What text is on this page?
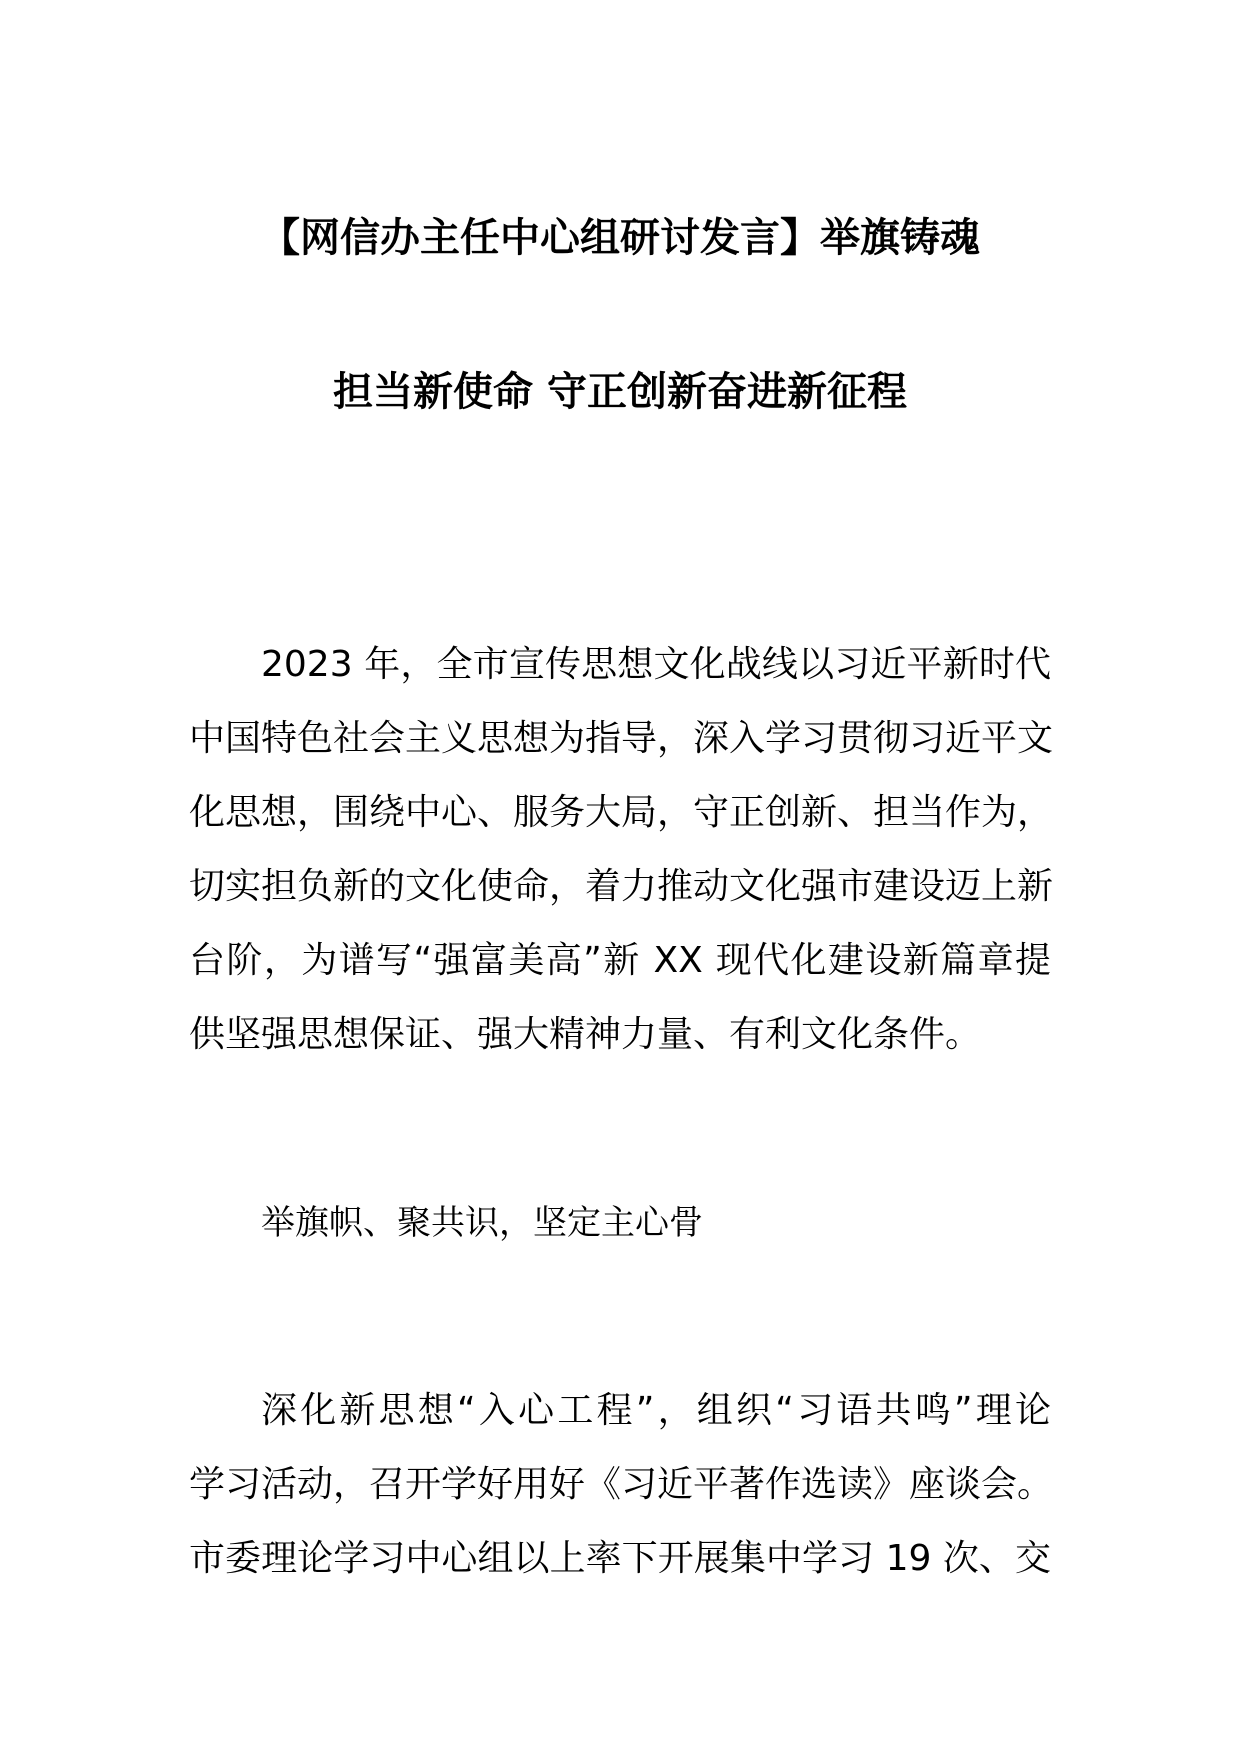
【网信办主任中心组研讨发言】举旗铸魂
担当新使命 守正创新奋进新征程
2023 年，全市宣传思想文化战线以习近平新时代
中国特色社会主义思想为指导，深入学习贯彻习近平文
化思想，围绕中心、服务大局，守正创新、担当作为，
切实担负新的文化使命，着力推动文化强市建设迈上新
台阶，为谱写“强富美高”新 XX 现代化建设新篇章提
供坚强思想保证、强大精神力量、有利文化条件。
举旗帜、聚共识，坚定主心骨
深化新思想“入心工程”，组织“习语共鸣”理论
学习活动，召开学好用好《习近平著作选读》座谈会。
市委理论学习中心组以上率下开展集中学习 19 次、交
